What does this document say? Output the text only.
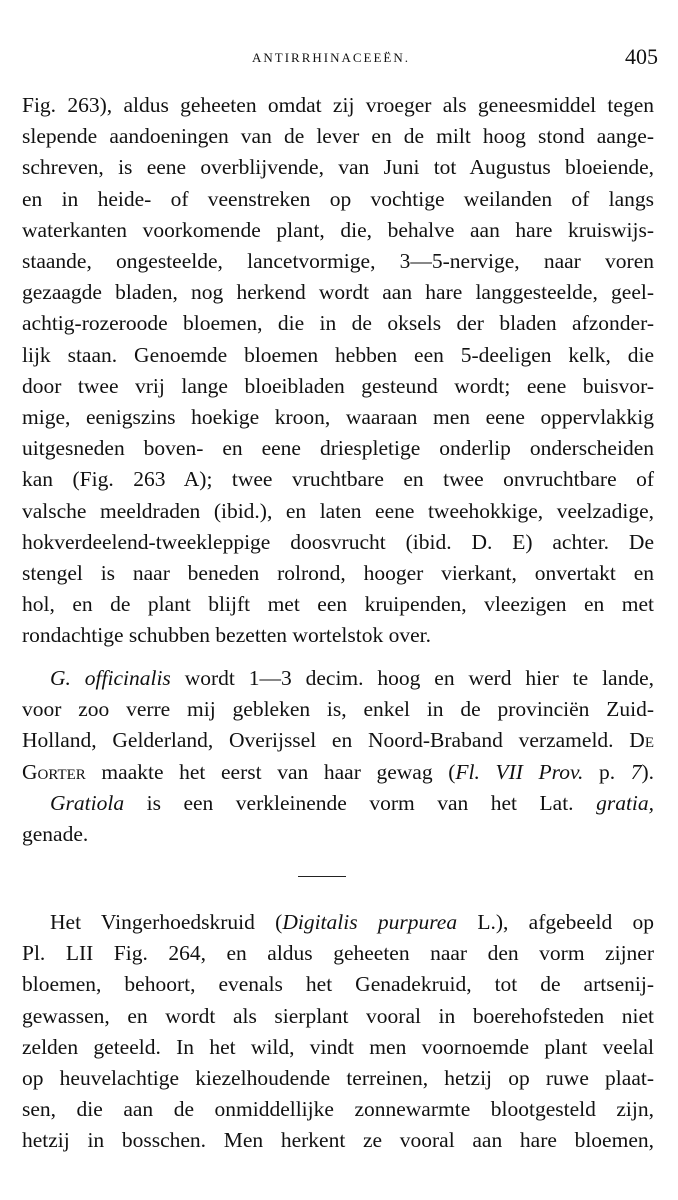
ANTIRRHINACEEËN.	405
Fig. 263), aldus geheeten omdat zij vroeger als geneesmiddel tegen
slepende aandoeningen van de lever en de milt hoog stond aange-
schreven, is eene overblijvende, van Juni tot Augustus bloeiende,
en in heide- of veenstreken op vochtige weilanden of langs
waterkanten voorkomende plant, die, behalve aan hare kruiswijs-
staande, ongesteelde, lancetvormige, 3—5-nervige, naar voren
gezaagde bladen, nog herkend wordt aan hare langgesteelde, geel-
achtig-rozeroode bloemen, die in de oksels der bladen afzonder-
lijk staan. Genoemde bloemen hebben een 5-deeligen kelk, die
door twee vrij lange bloeibladen gesteund wordt; eene buisvor-
mige, eenigszins hoekige kroon, waaraan men eene oppervlakkig
uitgesneden boven- en eene driespletige onderlip onderscheiden
kan (Fig. 263 A); twee vruchtbare en twee onvruchtbare of
valsche meeldraden (ibid.), en laten eene tweehokkige, veelzadige,
hokverdeelend-tweekleppige doosvrucht (ibid. D. E) achter. De
stengel is naar beneden rolrond, hooger vierkant, onvertakt en
hol, en de plant blijft met een kruipenden, vleezigen en met
rondachtige schubben bezetten wortelstok over.
G. officinalis wordt 1—3 decim. hoog en werd hier te lande,
voor zoo verre mij gebleken is, enkel in de provinciën Zuid-
Holland, Gelderland, Overijssel en Noord-Braband verzameld. De
Gorter maakte het eerst van haar gewag (Fl. VII Prov. p. 7).
Gratiola is een verkleinende vorm van het Lat. gratia,
genade.
Het Vingerhoedskruid (Digitalis purpurea L.), afgebeeld op
Pl. LII Fig. 264, en aldus geheeten naar den vorm zijner
bloemen, behoort, evenals het Genadekruid, tot de artsenij-
gewassen, en wordt als sierplant vooral in boerehofsteden niet
zelden geteeld. In het wild, vindt men voornoemde plant veelal
op heuvelachtige kiezelhoudende terreinen, hetzij op ruwe plaat-
sen, die aan de onmiddellijke zonnewarmte blootgesteld zijn,
hetzij in bosschen. Men herkent ze vooral aan hare bloemen,
